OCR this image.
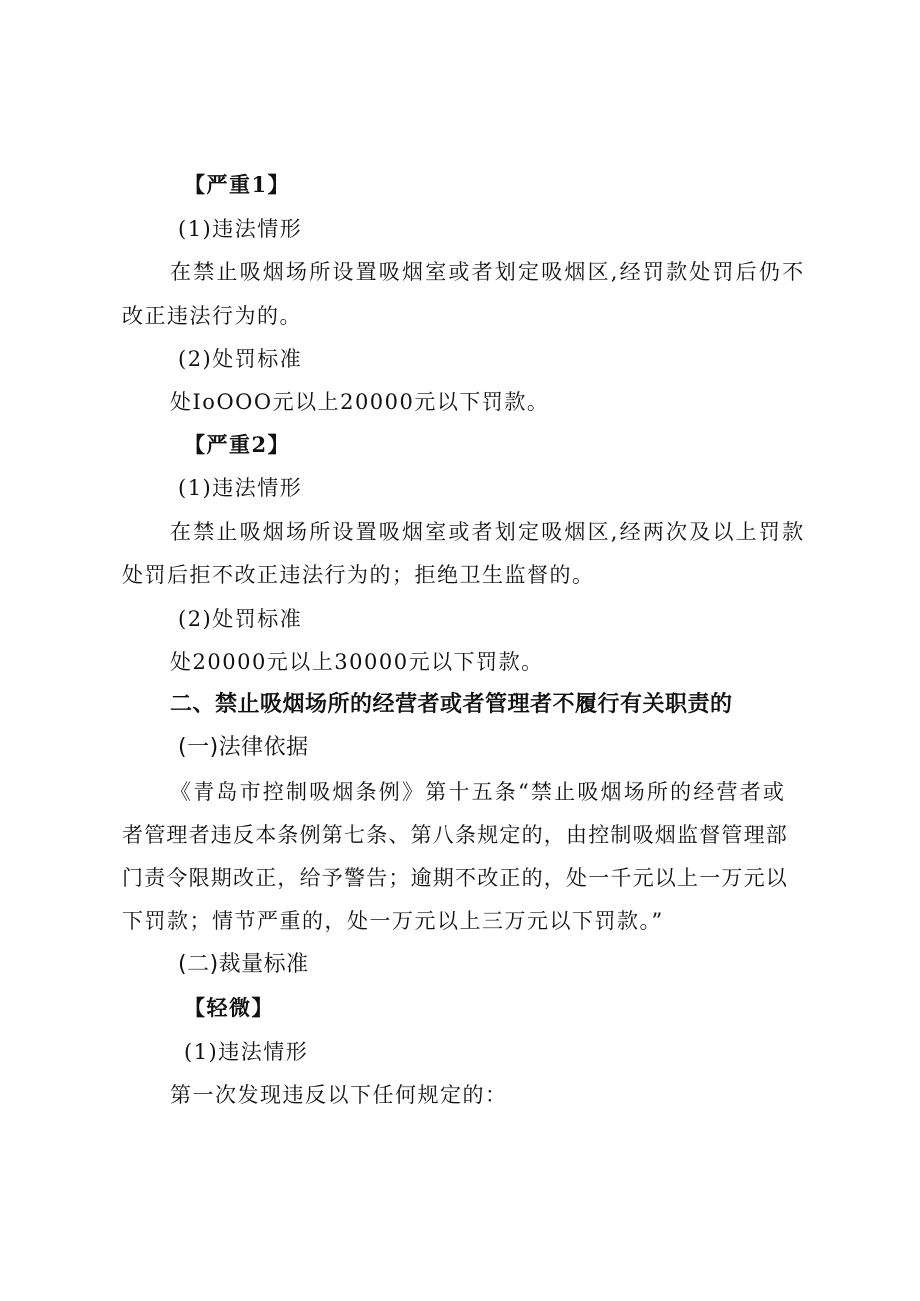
【严重1】
(1)违法情形
在禁止吸烟场所设置吸烟室或者划定吸烟区,经罚款处罚后仍不
改正违法行为的。
(2)处罚标准
处IoOOO元以上20000元以下罚款。
【严重2】
(1)违法情形
在禁止吸烟场所设置吸烟室或者划定吸烟区,经两次及以上罚款
处罚后拒不改正违法行为的；拒绝卫生监督的。
(2)处罚标准
处20000元以上30000元以下罚款。
二、禁止吸烟场所的经营者或者管理者不履行有关职责的
(一)法律依据
《青岛市控制吸烟条例》第十五条“禁止吸烟场所的经营者或
者管理者违反本条例第七条、第八条规定的，由控制吸烟监督管理部
门责令限期改正，给予警告；逾期不改正的，处一千元以上一万元以
下罚款；情节严重的，处一万元以上三万元以下罚款。”
(二)裁量标准
【轻微】
(1)违法情形
第一次发现违反以下任何规定的：
